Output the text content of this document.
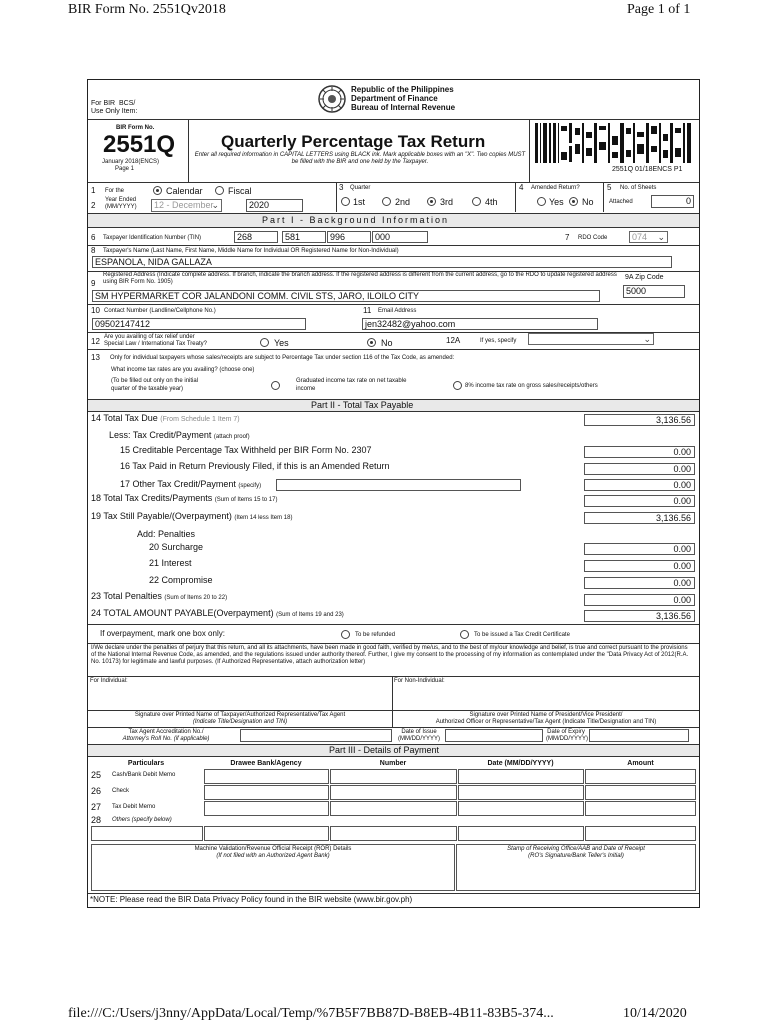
BIR Form No. 2551Qv2018	Page 1 of 1
For BIR BCS/
Use Only Item:
Republic of the Philippines
Department of Finance
Bureau of Internal Revenue
BIR Form No.
2551Q
January 2018(ENCS)
Page 1
Quarterly Percentage Tax Return
Enter all required information in CAPITAL LETTERS using BLACK ink. Mark applicable boxes with an "X". Two copies MUST be filled with the BIR and one held by the Taxpayer.
2551Q 01/18ENCS P1
1 For the	Calendar	Fiscal
2
Year Ended
(MM/YYYY)	12 - December
⌄	2020
3 Quarter
1st	2nd	3rd	4th
4 Amended Return?
Yes No
5 No. of Sheets
Attached	0
Part I - Background Information
6 Taxpayer Identification Number (TIN)	268	581	996	000	7 RDO Code	074 ⌄
8 Taxpayer's Name (Last Name, First Name, Middle Name for Individual OR Registered Name for Non-Individual)
ESPANOLA, NIDA GALLAZA
9
Registered Address (Indicate complete address. If branch, indicate the branch address. If the registered address is different from the current address, go to the RDO to update registered address using BIR Form No. 1905)
SM HYPERMARKET COR JALANDONI COMM. CIVIL STS, JARO, ILOILO CITY
9A Zip Code
5000
10 Contact Number (Landline/Cellphone No.)
09502147412
11 Email Address
jen32482@yahoo.com
12 Are you availing of tax relief under
Special Law / International Tax Treaty?	Yes	No	12A	If yes, specify	⌄
13 Only for individual taxpayers whose sales/receipts are subject to Percentage Tax under section 116 of the Tax Code, as amended:
What income tax rates are you availing? (choose one)
(To be filled out only on the initial
quarter of the taxable year)
Graduated income tax rate on net taxable
income	8% income tax rate on gross sales/receipts/others
Part II - Total Tax Payable
14 Total Tax Due (From Schedule 1 Item 7)	3,136.56
Less: Tax Credit/Payment (attach proof)
15 Creditable Percentage Tax Withheld per BIR Form No. 2307	0.00
16 Tax Paid in Return Previously Filed, if this is an Amended Return	0.00
17 Other Tax Credit/Payment (specify)	0.00
18 Total Tax Credits/Payments (Sum of Items 15 to 17)	0.00
19 Tax Still Payable/(Overpayment) (Item 14 less Item 18)	3,136.56
Add: Penalties
20 Surcharge	0.00
21 Interest	0.00
22 Compromise	0.00
23 Total Penalties (Sum of Items 20 to 22)	0.00
24 TOTAL AMOUNT PAYABLE(Overpayment) (Sum of Items 19 and 23)	3,136.56
If overpayment, mark one box only:	To be refunded	To be issued a Tax Credit Certificate
I/We declare under the penalties of perjury that this return, and all its attachments, have been made in good faith, verified by me/us, and to the best of my/our knowledge and belief, is true and correct pursuant to the provisions of the National Internal Revenue Code, as amended, and the regulations issued under authority thereof. Further, I give my consent to the processing of my information as contemplated under the "Data Privacy Act of 2012(R.A. No. 10173) for legitimate and lawful purposes. (If Authorized Representative, attach authorization letter)
For Individual:	For Non-Individual:
Signature over Printed Name of Taxpayer/Authorized Representative/Tax Agent
(Indicate Title/Designation and TIN)
Signature over Printed Name of President/Vice President/
Authorized Officer or Representative/Tax Agent (Indicate Title/Designation and TIN)
Tax Agent Accreditation No./
Attorney's Roll No. (if applicable)
Date of Issue
(MM/DD/YYYY)
Date of Expiry
(MM/DD/YYYY)
Part III - Details of Payment
Particulars	Drawee Bank/Agency	Number	Date (MM/DD/YYYY)	Amount
25 Cash/Bank Debit Memo
26 Check
27 Tax Debit Memo
28 Others (specify below)
Machine Validation/Revenue Official Receipt (ROR) Details
(If not filed with an Authorized Agent Bank)
Stamp of Receiving Office/AAB and Date of Receipt
(RO's Signature/Bank Teller's Initial)
*NOTE: Please read the BIR Data Privacy Policy found in the BIR website (www.bir.gov.ph)
file:///C:/Users/j3nny/AppData/Local/Temp/%7B5F7BB87D-B8EB-4B11-83B5-374...	10/14/2020
